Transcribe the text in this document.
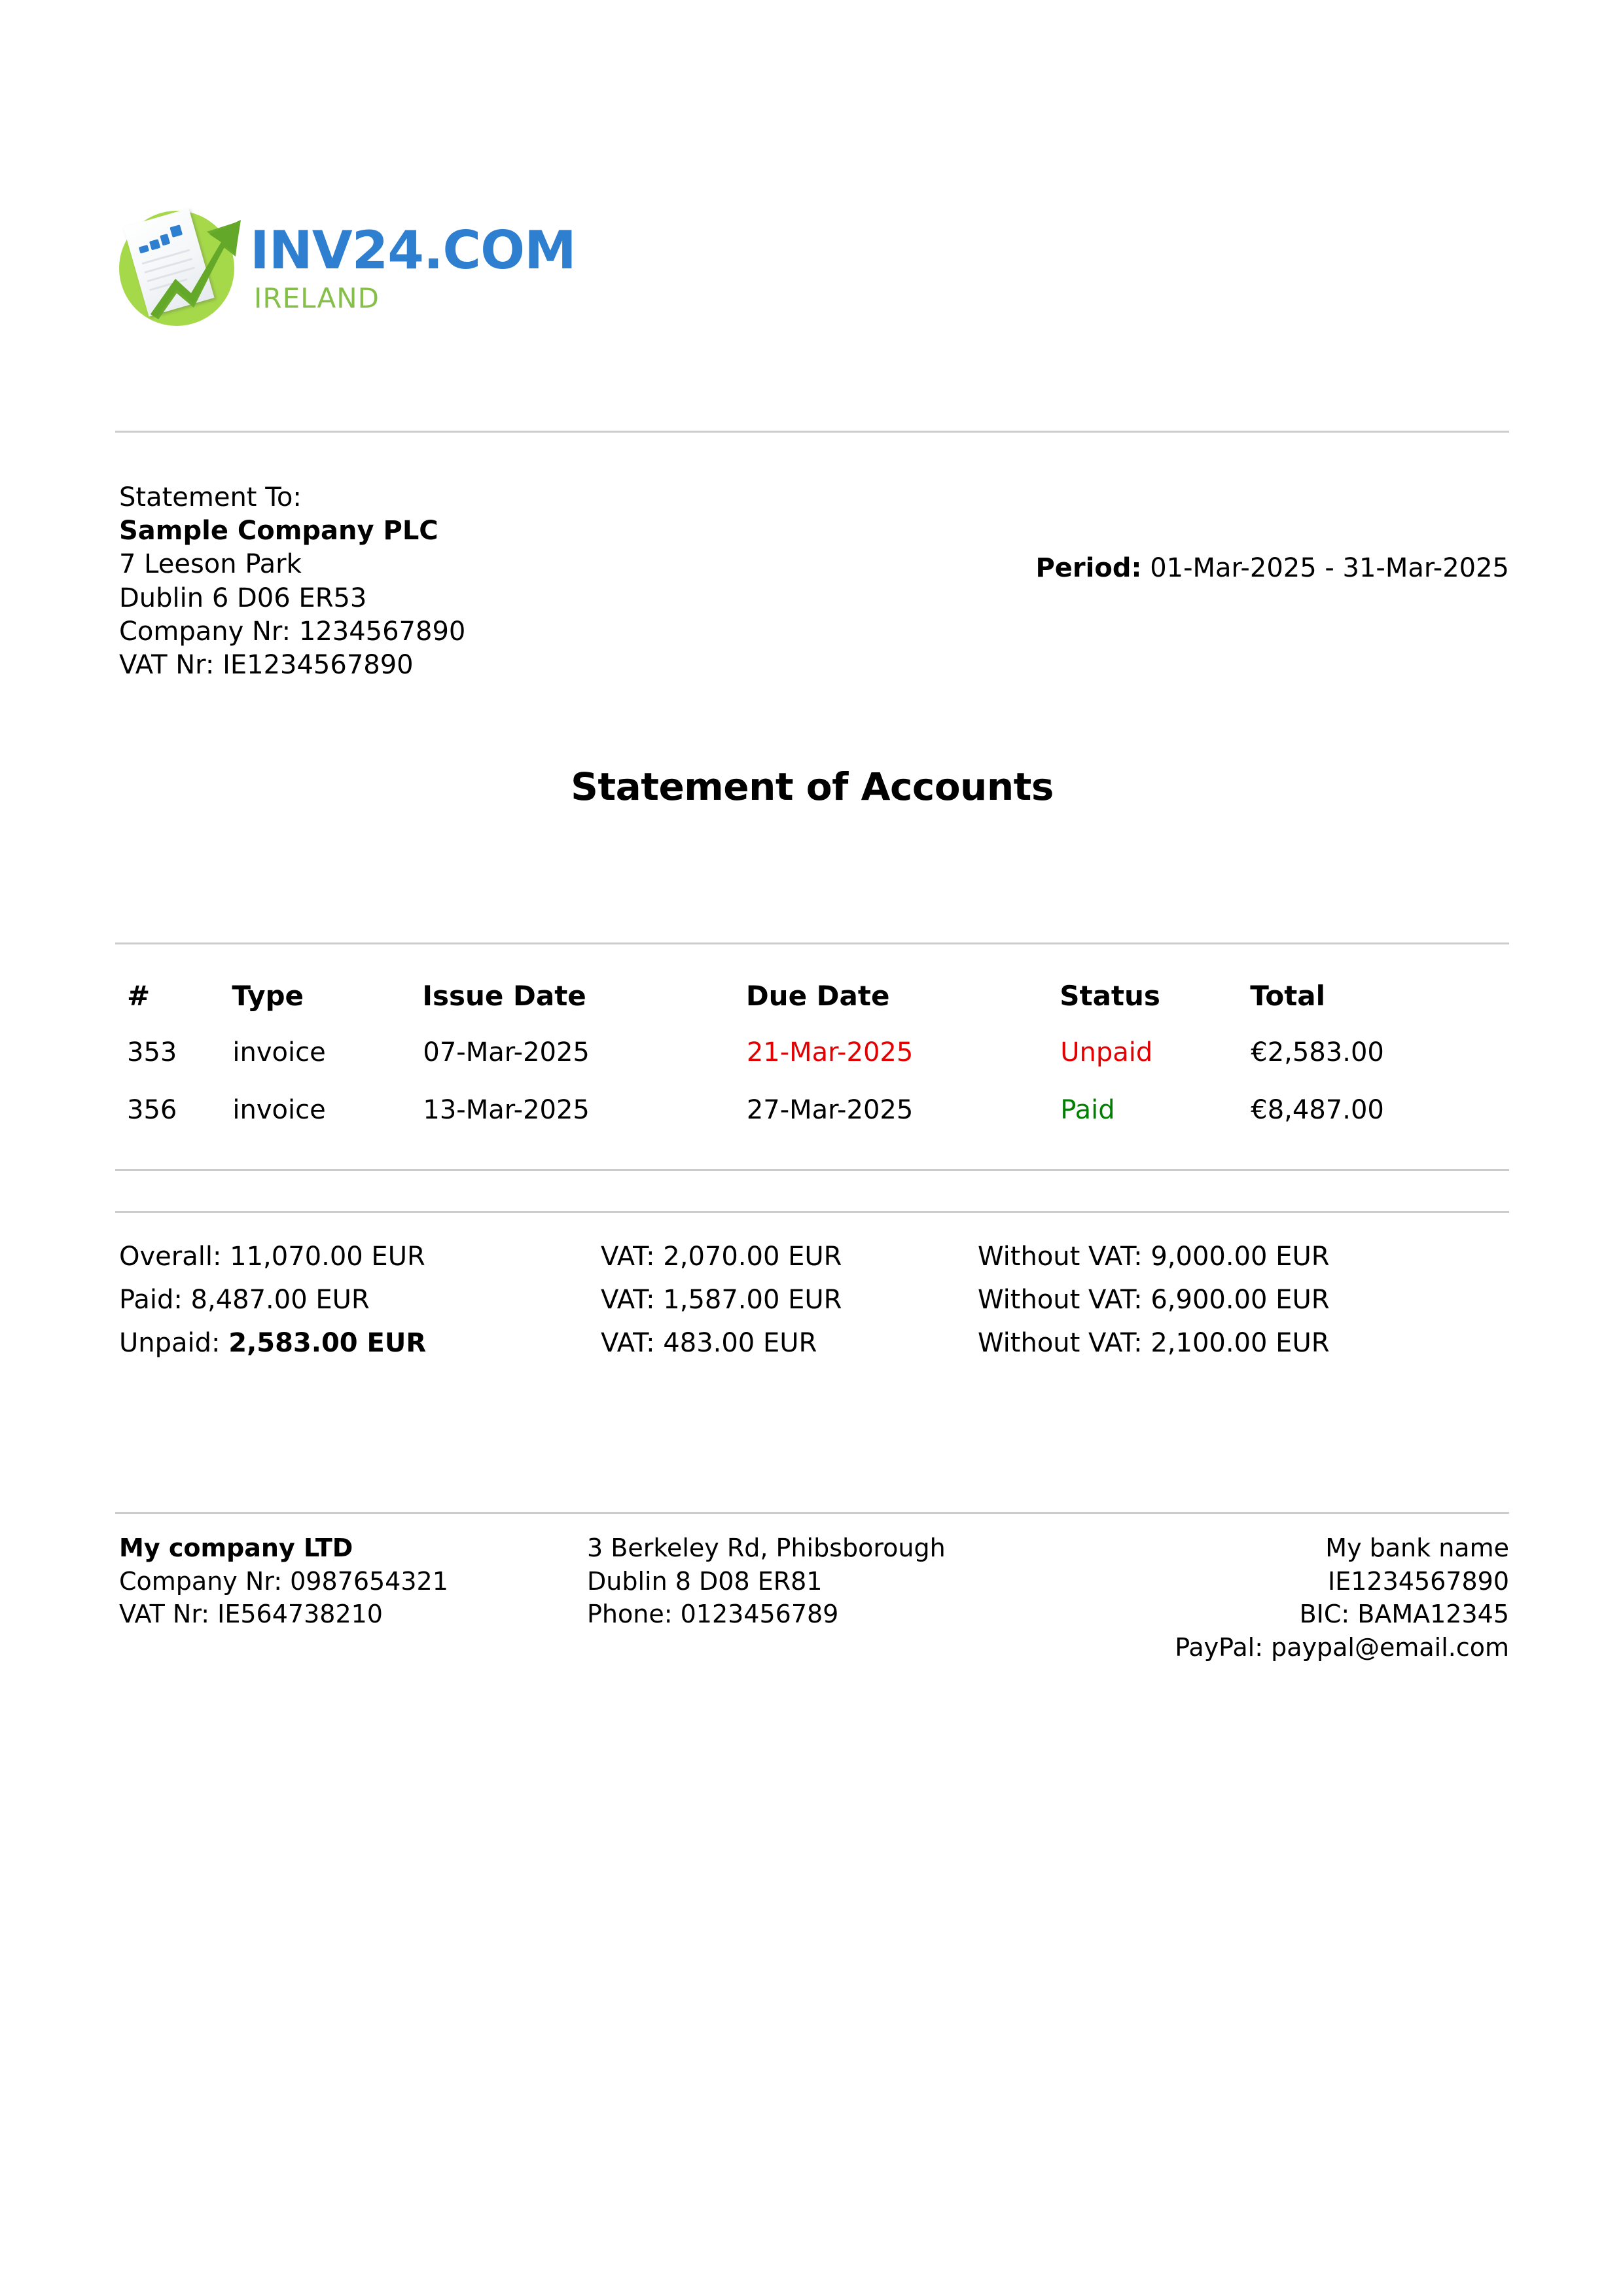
INV24.COM
IRELAND
Statement To:
Sample Company PLC
7 Leeson Park
Dublin 6 D06 ER53
Company Nr: 1234567890
VAT Nr: IE1234567890
Period: 01-Mar-2025 - 31-Mar-2025
Statement of Accounts
#	Type	Issue Date	Due Date	Status	Total
353	invoice	07-Mar-2025	21-Mar-2025	Unpaid	€2,583.00
356	invoice	13-Mar-2025	27-Mar-2025	Paid	€8,487.00
Overall: 11,070.00 EUR	VAT: 2,070.00 EUR	Without VAT: 9,000.00 EUR
Paid: 8,487.00 EUR	VAT: 1,587.00 EUR	Without VAT: 6,900.00 EUR
Unpaid: 2,583.00 EUR	VAT: 483.00 EUR	Without VAT: 2,100.00 EUR
My company LTD
Company Nr: 0987654321
VAT Nr: IE564738210
3 Berkeley Rd, Phibsborough
Dublin 8 D08 ER81
Phone: 0123456789
My bank name
IE1234567890
BIC: BAMA12345
PayPal: paypal@email.com
